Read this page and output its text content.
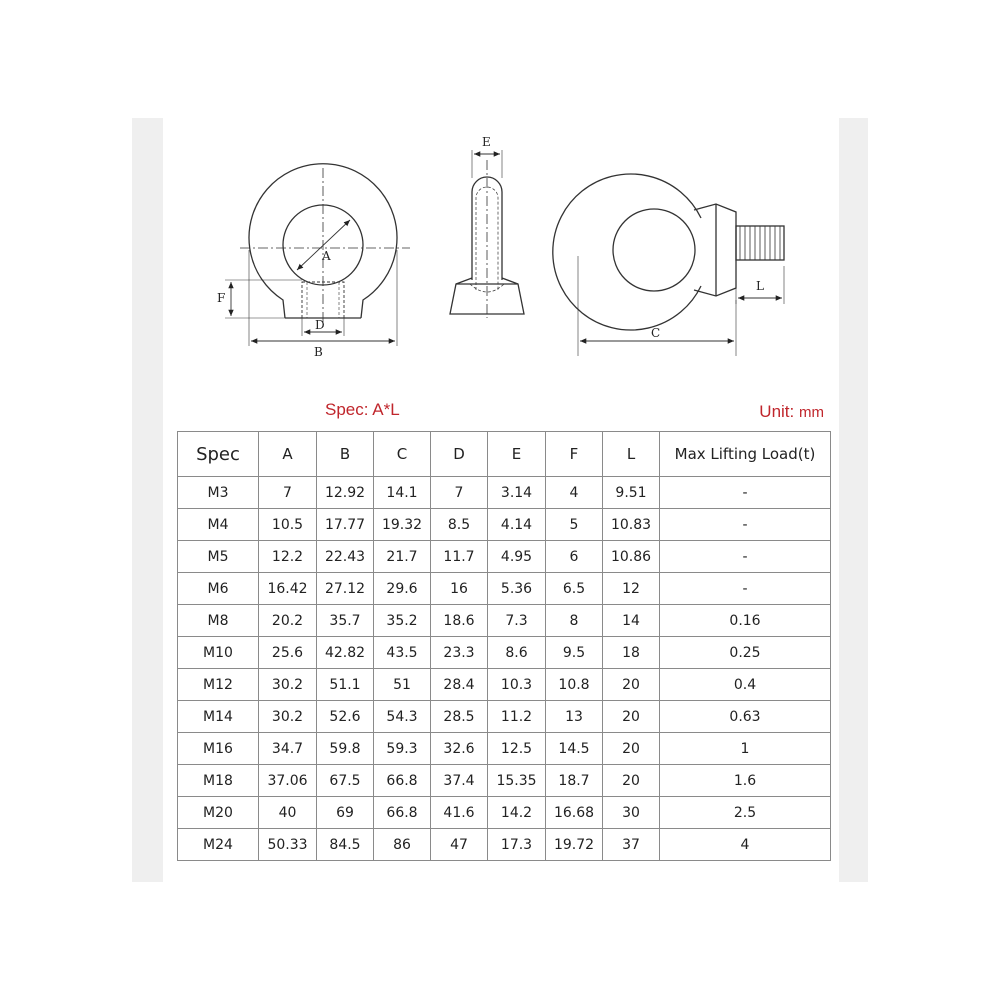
A
F
D
B
E
L
C
Spec: A*L	Unit: mm
Spec	A	B	C	D	E	F	L	Max Lifting Load(t)
M3	7	12.92	14.1	7	3.14	4	9.51	-
M4	10.5	17.77	19.32	8.5	4.14	5	10.83	-
M5	12.2	22.43	21.7	11.7	4.95	6	10.86	-
M6	16.42	27.12	29.6	16	5.36	6.5	12	-
M8	20.2	35.7	35.2	18.6	7.3	8	14	0.16
M10	25.6	42.82	43.5	23.3	8.6	9.5	18	0.25
M12	30.2	51.1	51	28.4	10.3	10.8	20	0.4
M14	30.2	52.6	54.3	28.5	11.2	13	20	0.63
M16	34.7	59.8	59.3	32.6	12.5	14.5	20	1
M18	37.06	67.5	66.8	37.4	15.35	18.7	20	1.6
M20	40	69	66.8	41.6	14.2	16.68	30	2.5
M24	50.33	84.5	86	47	17.3	19.72	37	4
